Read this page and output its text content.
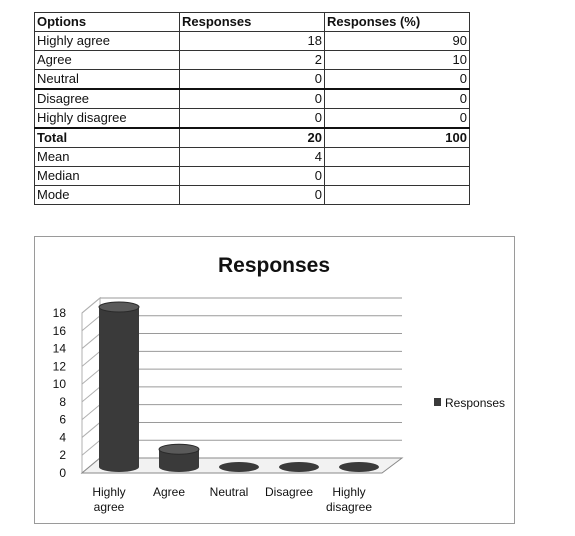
Options	Responses	Responses (%)
Highly agree	18	90
Agree	2	10
Neutral	0	0
Disagree	0	0
Highly disagree	0	0
Total	20	100
Mean	4	
Median	0	
Mode	0	
Responses
0
2
4
6
8
10
12
14
16
18
Highly agree
Agree Neutral Disagree	Highly disagree
Responses
